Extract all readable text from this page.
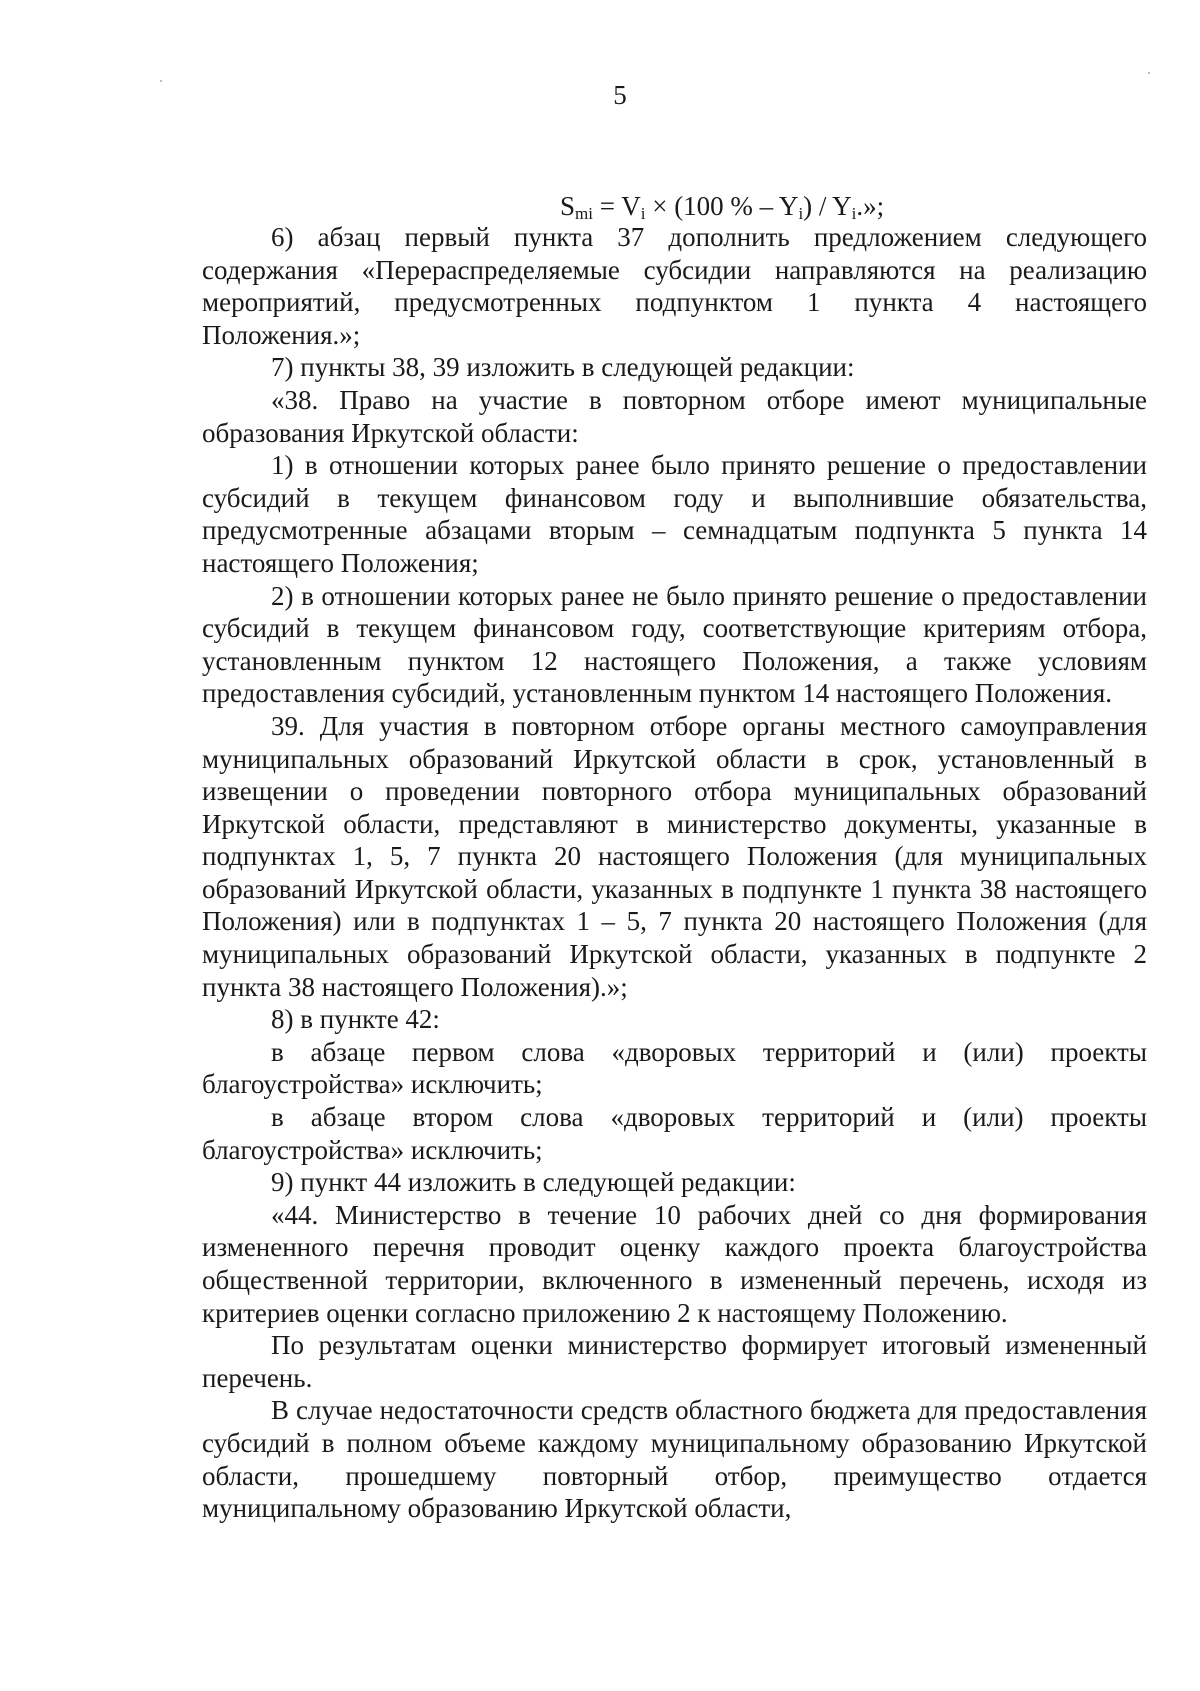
5
$S_{mi} = V_i \times (100$ % – $Y_i) / Y_i$.»;

6) абзац первый пункта 37 дополнить предложением следующего содержания «Перераспределяемые субсидии направляются на реализацию мероприятий, предусмотренных подпунктом 1 пункта 4 настоящего Положения.»;

7) пункты 38, 39 изложить в следующей редакции:

«38. Право на участие в повторном отборе имеют муниципальные образования Иркутской области:

1) в отношении которых ранее было принято решение о предоставлении субсидий в текущем финансовом году и выполнившие обязательства, предусмотренные абзацами вторым – семнадцатым подпункта 5 пункта 14 настоящего Положения;

2) в отношении которых ранее не было принято решение о предоставлении субсидий в текущем финансовом году, соответствующие критериям отбора, установленным пунктом 12 настоящего Положения, а также условиям предоставления субсидий, установленным пунктом 14 настоящего Положения.

39. Для участия в повторном отборе органы местного самоуправления муниципальных образований Иркутской области в срок, установленный в извещении о проведении повторного отбора муниципальных образований Иркутской области, представляют в министерство документы, указанные в подпунктах 1, 5, 7 пункта 20 настоящего Положения (для муниципальных образований Иркутской области, указанных в подпункте 1 пункта 38 настоящего Положения) или в подпунктах 1 – 5, 7 пункта 20 настоящего Положения (для муниципальных образований Иркутской области, указанных в подпункте 2 пункта 38 настоящего Положения).»;

8) в пункте 42:

в абзаце первом слова «дворовых территорий и (или) проекты благоустройства» исключить;

в абзаце втором слова «дворовых территорий и (или) проекты благоустройства» исключить;

9) пункт 44 изложить в следующей редакции:

«44. Министерство в течение 10 рабочих дней со дня формирования измененного перечня проводит оценку каждого проекта благоустройства общественной территории, включенного в измененный перечень, исходя из критериев оценки согласно приложению 2 к настоящему Положению.

По результатам оценки министерство формирует итоговый измененный перечень.

В случае недостаточности средств областного бюджета для предоставления субсидий в полном объеме каждому муниципальному образованию Иркутской области, прошедшему повторный отбор, преимущество отдается муниципальному образованию Иркутской области,
